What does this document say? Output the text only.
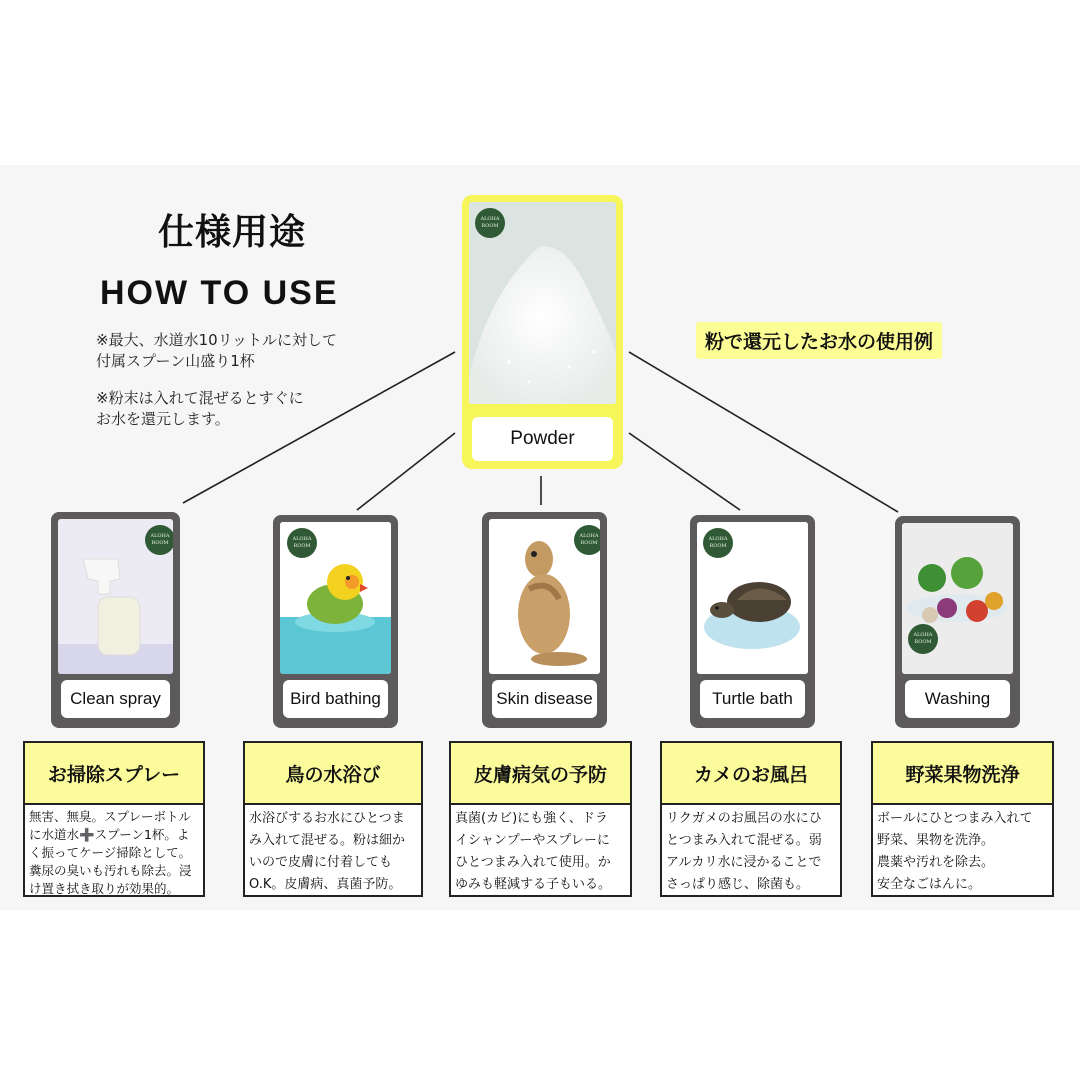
仕様用途
HOW TO USE
※最大、水道水10リットルに対して
付属スプーン山盛り1杯
※粉末は入れて混ぜるとすぐに
お水を還元します。
粉で還元したお水の使用例
ALOHA ROOM
Powder
ALOHA ROOM
Clean spray
ALOHA ROOM
Bird bathing
ALOHA ROOM
Skin disease
ALOHA ROOM
Turtle bath
ALOHA ROOM
Washing
お掃除スプレー
無害、無臭。スプレーボトル
に水道水➕スプーン1杯。よ
く振ってケージ掃除として。
糞尿の臭いも汚れも除去。浸
け置き拭き取りが効果的。
鳥の水浴び
水浴びするお水にひとつま
み入れて混ぜる。粉は細か
いので皮膚に付着しても
O.K。皮膚病、真菌予防。
皮膚病気の予防
真菌(カビ)にも強く、ドラ
イシャンプーやスプレーに
ひとつまみ入れて使用。か
ゆみも軽減する子もいる。
カメのお風呂
リクガメのお風呂の水にひ
とつまみ入れて混ぜる。弱
アルカリ水に浸かることで
さっぱり感じ、除菌も。
野菜果物洗浄
ボールにひとつまみ入れて
野菜、果物を洗浄。
農薬や汚れを除去。
安全なごはんに。
